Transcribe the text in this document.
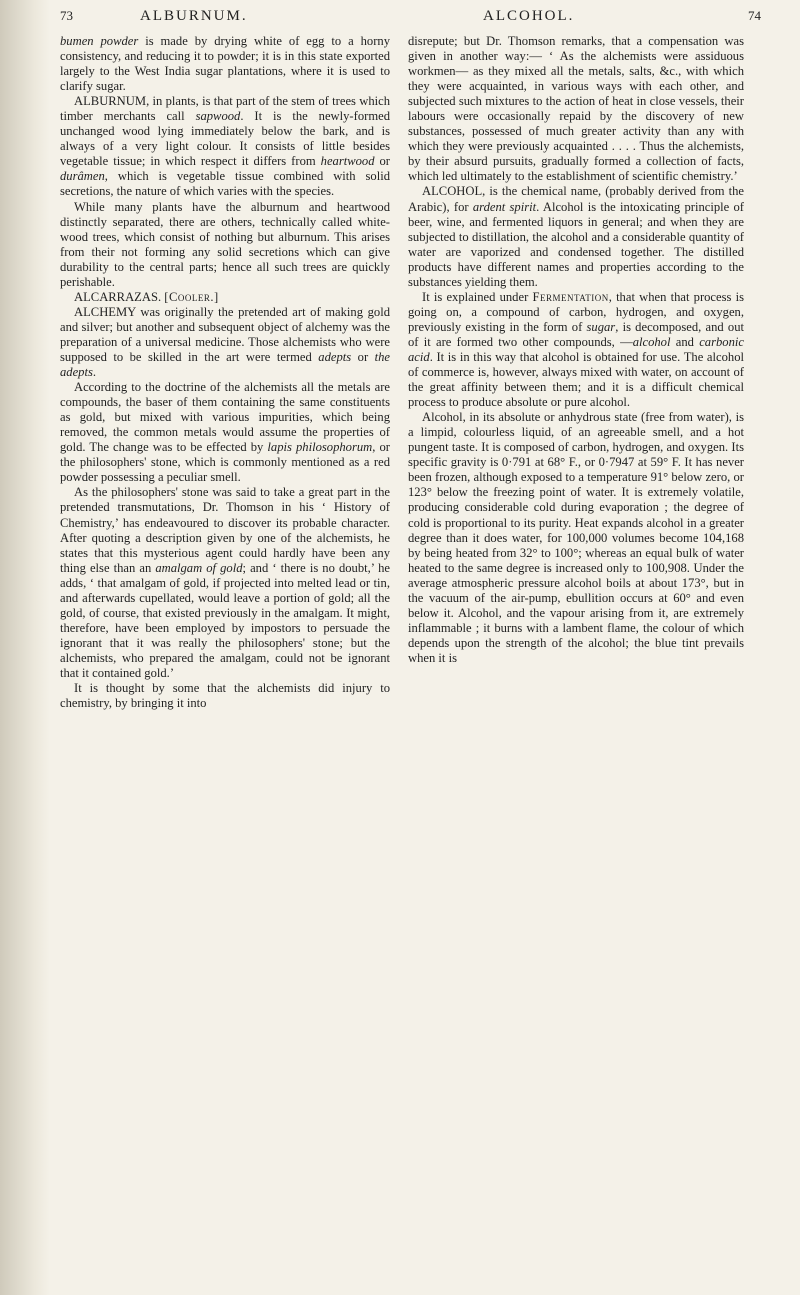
73	ALBURNUM.	ALCOHOL.	74

bumen powder is made by drying white of egg to a horny consistency, and reducing it to powder; it is in this state exported largely to the West India sugar plantations, where it is used to clarify sugar.

ALBURNUM, in plants, is that part of the stem of trees which timber merchants call sapwood. It is the newly-formed unchanged wood lying immediately below the bark, and is always of a very light colour. It consists of little besides vegetable tissue; in which respect it differs from heartwood or durâmen, which is vegetable tissue combined with solid secretions, the nature of which varies with the species.

While many plants have the alburnum and heartwood distinctly separated, there are others, technically called white-wood trees, which consist of nothing but alburnum. This arises from their not forming any solid secretions which can give durability to the central parts; hence all such trees are quickly perishable.

ALCARRAZAS. [Cooler.]

ALCHEMY was originally the pretended art of making gold and silver; but another and subsequent object of alchemy was the preparation of a universal medicine. Those alchemists who were supposed to be skilled in the art were termed adepts or the adepts.

According to the doctrine of the alchemists all the metals are compounds, the baser of them containing the same constituents as gold, but mixed with various impurities, which being removed, the common metals would assume the properties of gold. The change was to be effected by lapis philosophorum, or the philosophers' stone, which is commonly mentioned as a red powder possessing a peculiar smell.

As the philosophers' stone was said to take a great part in the pretended transmutations, Dr. Thomson in his ‘ History of Chemistry,’ has endeavoured to discover its probable character. After quoting a description given by one of the alchemists, he states that this mysterious agent could hardly have been any thing else than an amalgam of gold; and ‘ there is no doubt,’ he adds, ‘ that amalgam of gold, if projected into melted lead or tin, and afterwards cupellated, would leave a portion of gold; all the gold, of course, that existed previously in the amalgam. It might, therefore, have been employed by impostors to persuade the ignorant that it was really the philosophers' stone; but the alchemists, who prepared the amalgam, could not be ignorant that it contained gold.’

It is thought by some that the alchemists did injury to chemistry, by bringing it into

disrepute; but Dr. Thomson remarks, that a compensation was given in another way:— ‘ As the alchemists were assiduous workmen— as they mixed all the metals, salts, &c., with which they were acquainted, in various ways with each other, and subjected such mixtures to the action of heat in close vessels, their labours were occasionally repaid by the discovery of new substances, possessed of much greater activity than any with which they were previously acquainted . . . . Thus the alchemists, by their absurd pursuits, gradually formed a collection of facts, which led ultimately to the establishment of scientific chemistry.’

ALCOHOL, is the chemical name, (probably derived from the Arabic), for ardent spirit. Alcohol is the intoxicating principle of beer, wine, and fermented liquors in general; and when they are subjected to distillation, the alcohol and a considerable quantity of water are vaporized and condensed together. The distilled products have different names and properties according to the substances yielding them.

It is explained under Fermentation, that when that process is going on, a compound of carbon, hydrogen, and oxygen, previously existing in the form of sugar, is decomposed, and out of it are formed two other compounds, —alcohol and carbonic acid. It is in this way that alcohol is obtained for use. The alcohol of commerce is, however, always mixed with water, on account of the great affinity between them; and it is a difficult chemical process to produce absolute or pure alcohol.

Alcohol, in its absolute or anhydrous state (free from water), is a limpid, colourless liquid, of an agreeable smell, and a hot pungent taste. It is composed of carbon, hydrogen, and oxygen. Its specific gravity is 0·791 at 68° F., or 0·7947 at 59° F. It has never been frozen, although exposed to a temperature 91° below zero, or 123° below the freezing point of water. It is extremely volatile, producing considerable cold during evaporation ; the degree of cold is proportional to its purity. Heat expands alcohol in a greater degree than it does water, for 100,000 volumes become 104,168 by being heated from 32° to 100°; whereas an equal bulk of water heated to the same degree is increased only to 100,908. Under the average atmospheric pressure alcohol boils at about 173°, but in the vacuum of the air-pump, ebullition occurs at 60° and even below it. Alcohol, and the vapour arising from it, are extremely inflammable ; it burns with a lambent flame, the colour of which depends upon the strength of the alcohol; the blue tint prevails when it is
